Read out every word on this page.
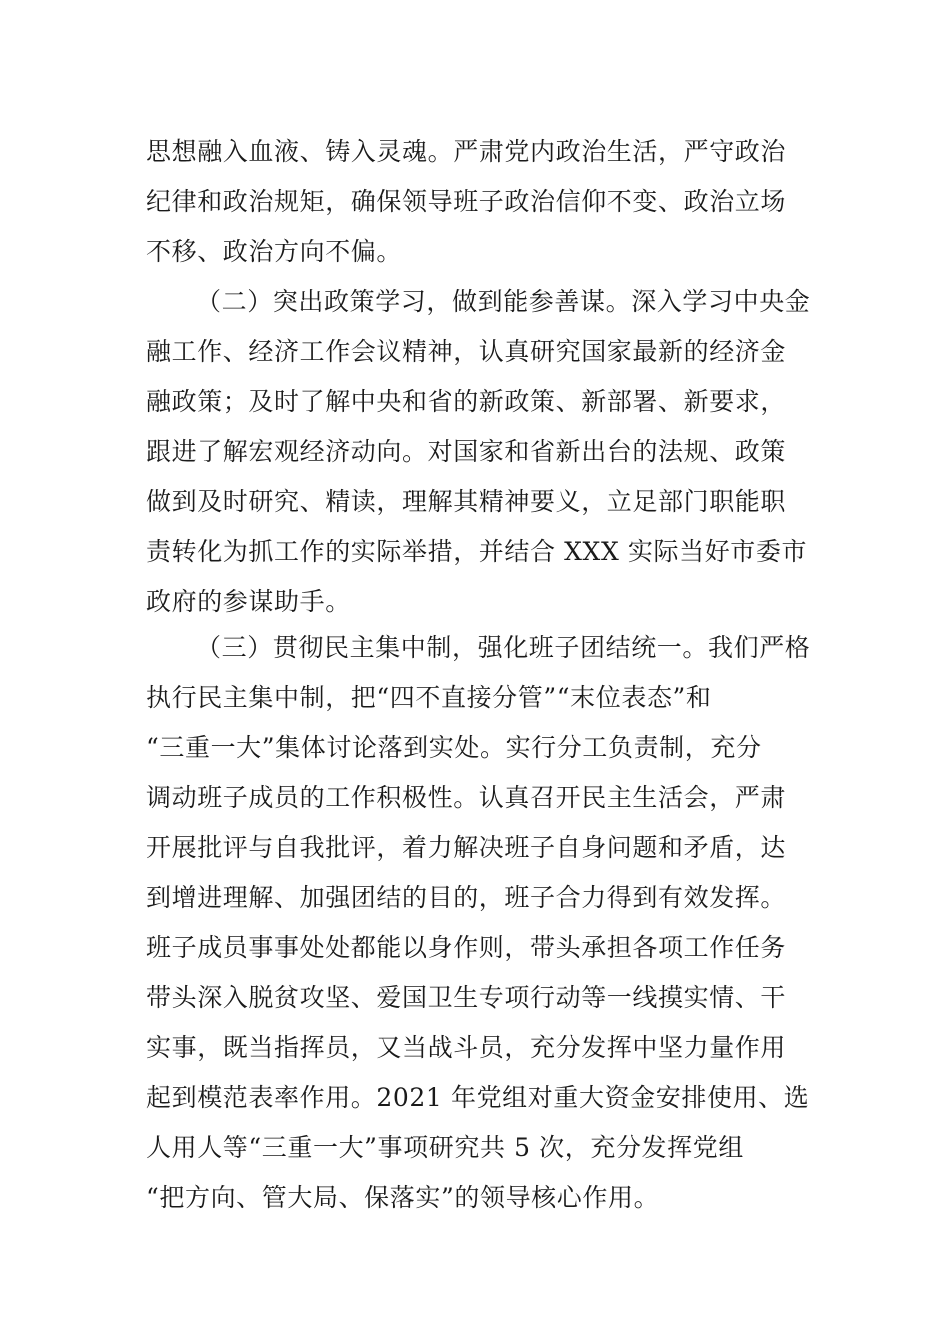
思想融入血液、铸入灵魂。严肃党内政治生活，严守政治
纪律和政治规矩，确保领导班子政治信仰不变、政治立场
不移、政治方向不偏。
（二）突出政策学习，做到能参善谋。深入学习中央金
融工作、经济工作会议精神，认真研究国家最新的经济金
融政策；及时了解中央和省的新政策、新部署、新要求，
跟进了解宏观经济动向。对国家和省新出台的法规、政策
做到及时研究、精读，理解其精神要义，立足部门职能职
责转化为抓工作的实际举措，并结合 XXX 实际当好市委市
政府的参谋助手。
（三）贯彻民主集中制，强化班子团结统一。我们严格
执行民主集中制，把“四不直接分管”“末位表态”和
“三重一大”集体讨论落到实处。实行分工负责制，充分
调动班子成员的工作积极性。认真召开民主生活会，严肃
开展批评与自我批评，着力解决班子自身问题和矛盾，达
到增进理解、加强团结的目的，班子合力得到有效发挥。
班子成员事事处处都能以身作则，带头承担各项工作任务
带头深入脱贫攻坚、爱国卫生专项行动等一线摸实情、干
实事，既当指挥员，又当战斗员，充分发挥中坚力量作用
起到模范表率作用。2021 年党组对重大资金安排使用、选
人用人等“三重一大”事项研究共 5 次，充分发挥党组
“把方向、管大局、保落实”的领导核心作用。
